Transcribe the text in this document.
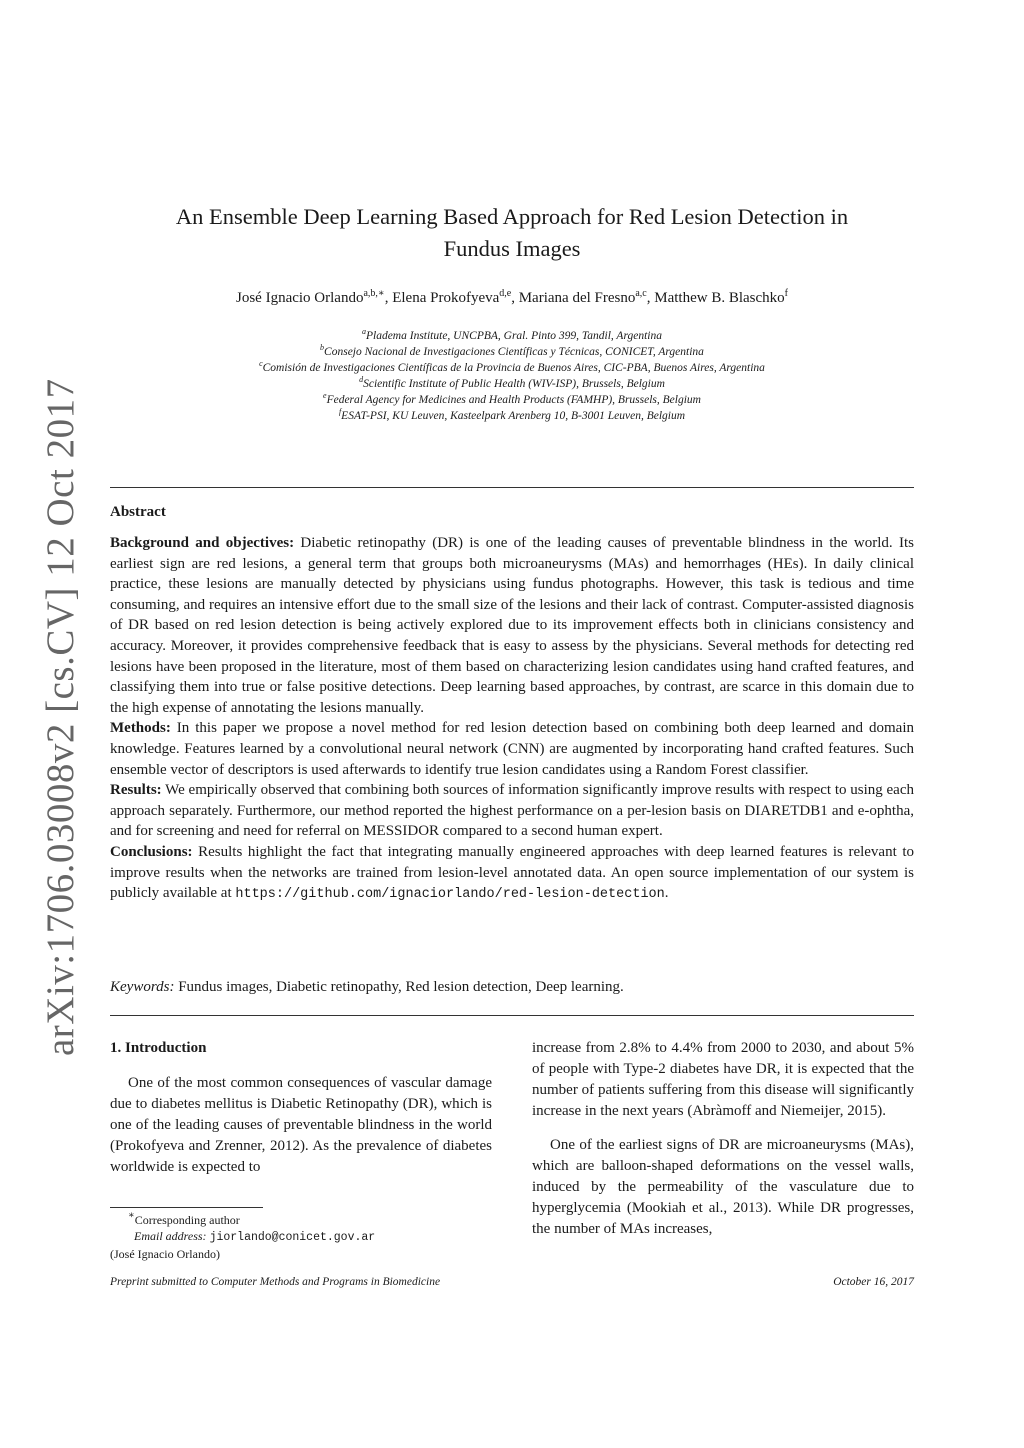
arXiv:1706.03008v2 [cs.CV] 12 Oct 2017
An Ensemble Deep Learning Based Approach for Red Lesion Detection in
Fundus Images
José Ignacio Orlando$^{a,b,∗}$, Elena Prokofyeva$^{d,e}$, Mariana del Fresno$^{a,c}$, Matthew B. Blaschko$^f$
$^a$Pladema Institute, UNCPBA, Gral. Pinto 399, Tandil, Argentina
$^b$Consejo Nacional de Investigaciones Científicas y Técnicas, CONICET, Argentina
$^c$Comisión de Investigaciones Científicas de la Provincia de Buenos Aires, CIC-PBA, Buenos Aires, Argentina
$^d$Scientific Institute of Public Health (WIV-ISP), Brussels, Belgium
$^e$Federal Agency for Medicines and Health Products (FAMHP), Brussels, Belgium
$^f$ESAT-PSI, KU Leuven, Kasteelpark Arenberg 10, B-3001 Leuven, Belgium
Abstract

Background and objectives: Diabetic retinopathy (DR) is one of the leading causes of preventable blindness in the world. Its earliest sign are red lesions, a general term that groups both microaneurysms (MAs) and hemorrhages (HEs). In daily clinical practice, these lesions are manually detected by physicians using fundus photographs. However, this task is tedious and time consuming, and requires an intensive effort due to the small size of the lesions and their lack of contrast. Computer-assisted diagnosis of DR based on red lesion detection is being actively explored due to its improvement effects both in clinicians consistency and accuracy. Moreover, it provides comprehensive feedback that is easy to assess by the physicians. Several methods for detecting red lesions have been proposed in the literature, most of them based on characterizing lesion candidates using hand crafted features, and classifying them into true or false positive detections. Deep learning based approaches, by contrast, are scarce in this domain due to the high expense of annotating the lesions manually.

Methods: In this paper we propose a novel method for red lesion detection based on combining both deep learned and domain knowledge. Features learned by a convolutional neural network (CNN) are augmented by incorporating hand crafted features. Such ensemble vector of descriptors is used afterwards to identify true lesion candidates using a Random Forest classifier.

Results: We empirically observed that combining both sources of information significantly improve results with respect to using each approach separately. Furthermore, our method reported the highest performance on a per-lesion basis on DIARETDB1 and e-ophtha, and for screening and need for referral on MESSIDOR compared to a second human expert.

Conclusions: Results highlight the fact that integrating manually engineered approaches with deep learned features is relevant to improve results when the networks are trained from lesion-level annotated data. An open source implementation of our system is publicly available at https://github.com/ignaciorlando/red-lesion-detection.

Keywords: Fundus images, Diabetic retinopathy, Red lesion detection, Deep learning.

1. Introduction

One of the most common consequences of vascular damage due to diabetes mellitus is Diabetic Retinopathy (DR), which is one of the leading causes of preventable blindness in the world (Prokofyeva and Zrenner, 2012). As the prevalence of diabetes worldwide is expected to

increase from 2.8% to 4.4% from 2000 to 2030, and about 5% of people with Type-2 diabetes have DR, it is expected that the number of patients suffering from this disease will significantly increase in the next years (Abràmoff and Niemeijer, 2015).

One of the earliest signs of DR are microaneurysms (MAs), which are balloon-shaped deformations on the vessel walls, induced by the permeability of the vasculature due to hyperglycemia (Mookiah et al., 2013). While DR progresses, the number of MAs increases,

∗Corresponding author
Email address: jiorlando@conicet.gov.ar
(José Ignacio Orlando)
Preprint submitted to Computer Methods and Programs in Biomedicine	October 16, 2017
